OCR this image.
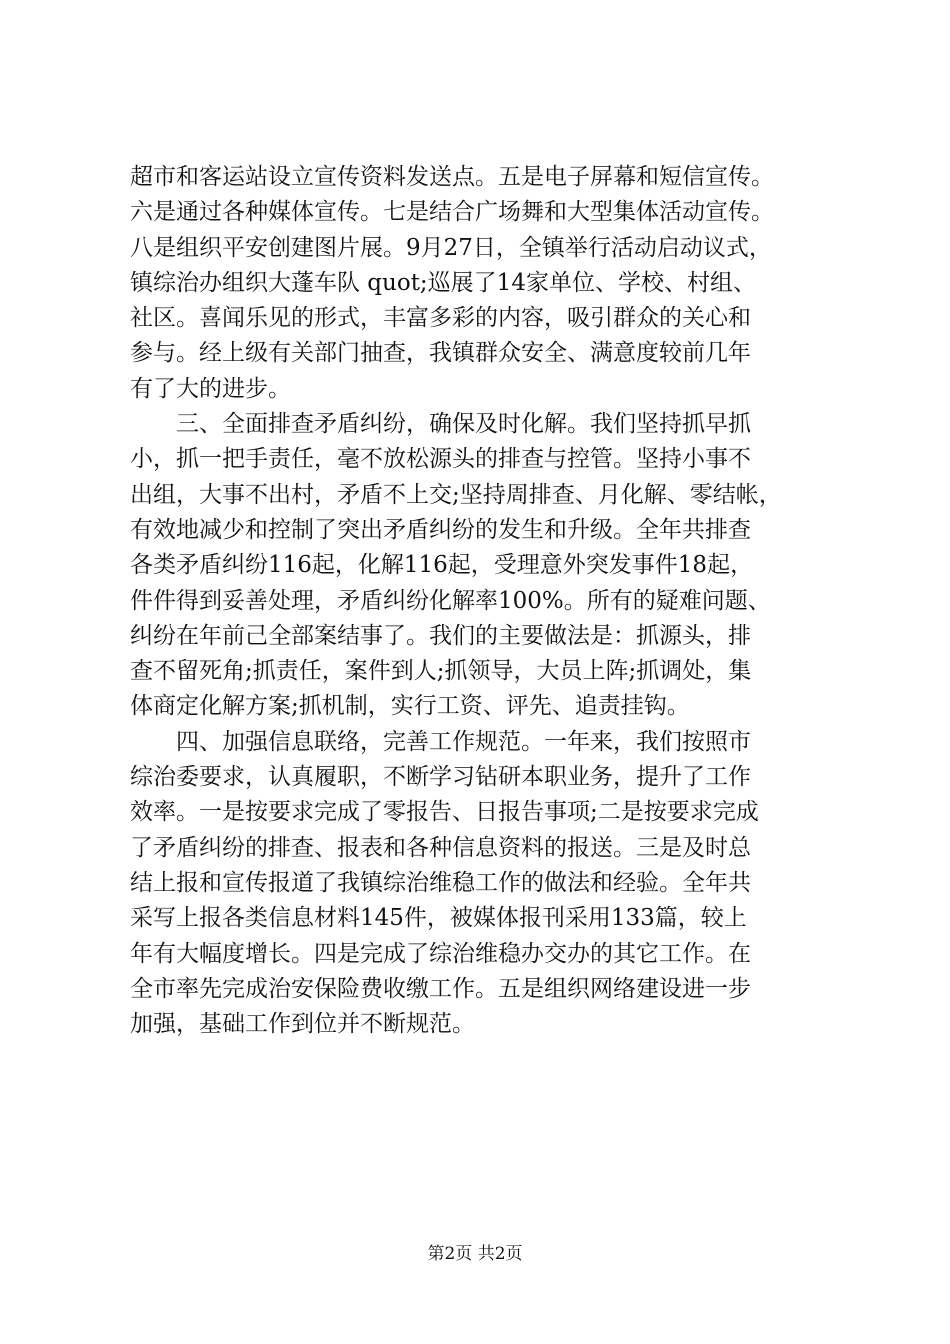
超市和客运站设立宣传资料发送点。五是电子屏幕和短信宣传。
六是通过各种媒体宣传。七是结合广场舞和大型集体活动宣传。
八是组织平安创建图片展。9月27日，全镇举行活动启动议式，
镇综治办组织大蓬车队 quot;巡展了14家单位、学校、村组、
社区。喜闻乐见的形式，丰富多彩的内容，吸引群众的关心和
参与。经上级有关部门抽查，我镇群众安全、满意度较前几年
有了大的进步。
　　三、全面排查矛盾纠纷，确保及时化解。我们坚持抓早抓
小，抓一把手责任，毫不放松源头的排查与控管。坚持小事不
出组，大事不出村，矛盾不上交;坚持周排查、月化解、零结帐，
有效地减少和控制了突出矛盾纠纷的发生和升级。全年共排查
各类矛盾纠纷116起，化解116起，受理意外突发事件18起，
件件得到妥善处理，矛盾纠纷化解率100%。所有的疑难问题、
纠纷在年前己全部案结事了。我们的主要做法是：抓源头，排
查不留死角;抓责任，案件到人;抓领导，大员上阵;抓调处，集
体商定化解方案;抓机制，实行工资、评先、追责挂钩。
　　四、加强信息联络，完善工作规范。一年来，我们按照市
综治委要求，认真履职，不断学习钻研本职业务，提升了工作
效率。一是按要求完成了零报告、日报告事项;二是按要求完成
了矛盾纠纷的排查、报表和各种信息资料的报送。三是及时总
结上报和宣传报道了我镇综治维稳工作的做法和经验。全年共
采写上报各类信息材料145件，被媒体报刊采用133篇，较上
年有大幅度增长。四是完成了综治维稳办交办的其它工作。在
全市率先完成治安保险费收缴工作。五是组织网络建设进一步
加强，基础工作到位并不断规范。
第2页 共2页
